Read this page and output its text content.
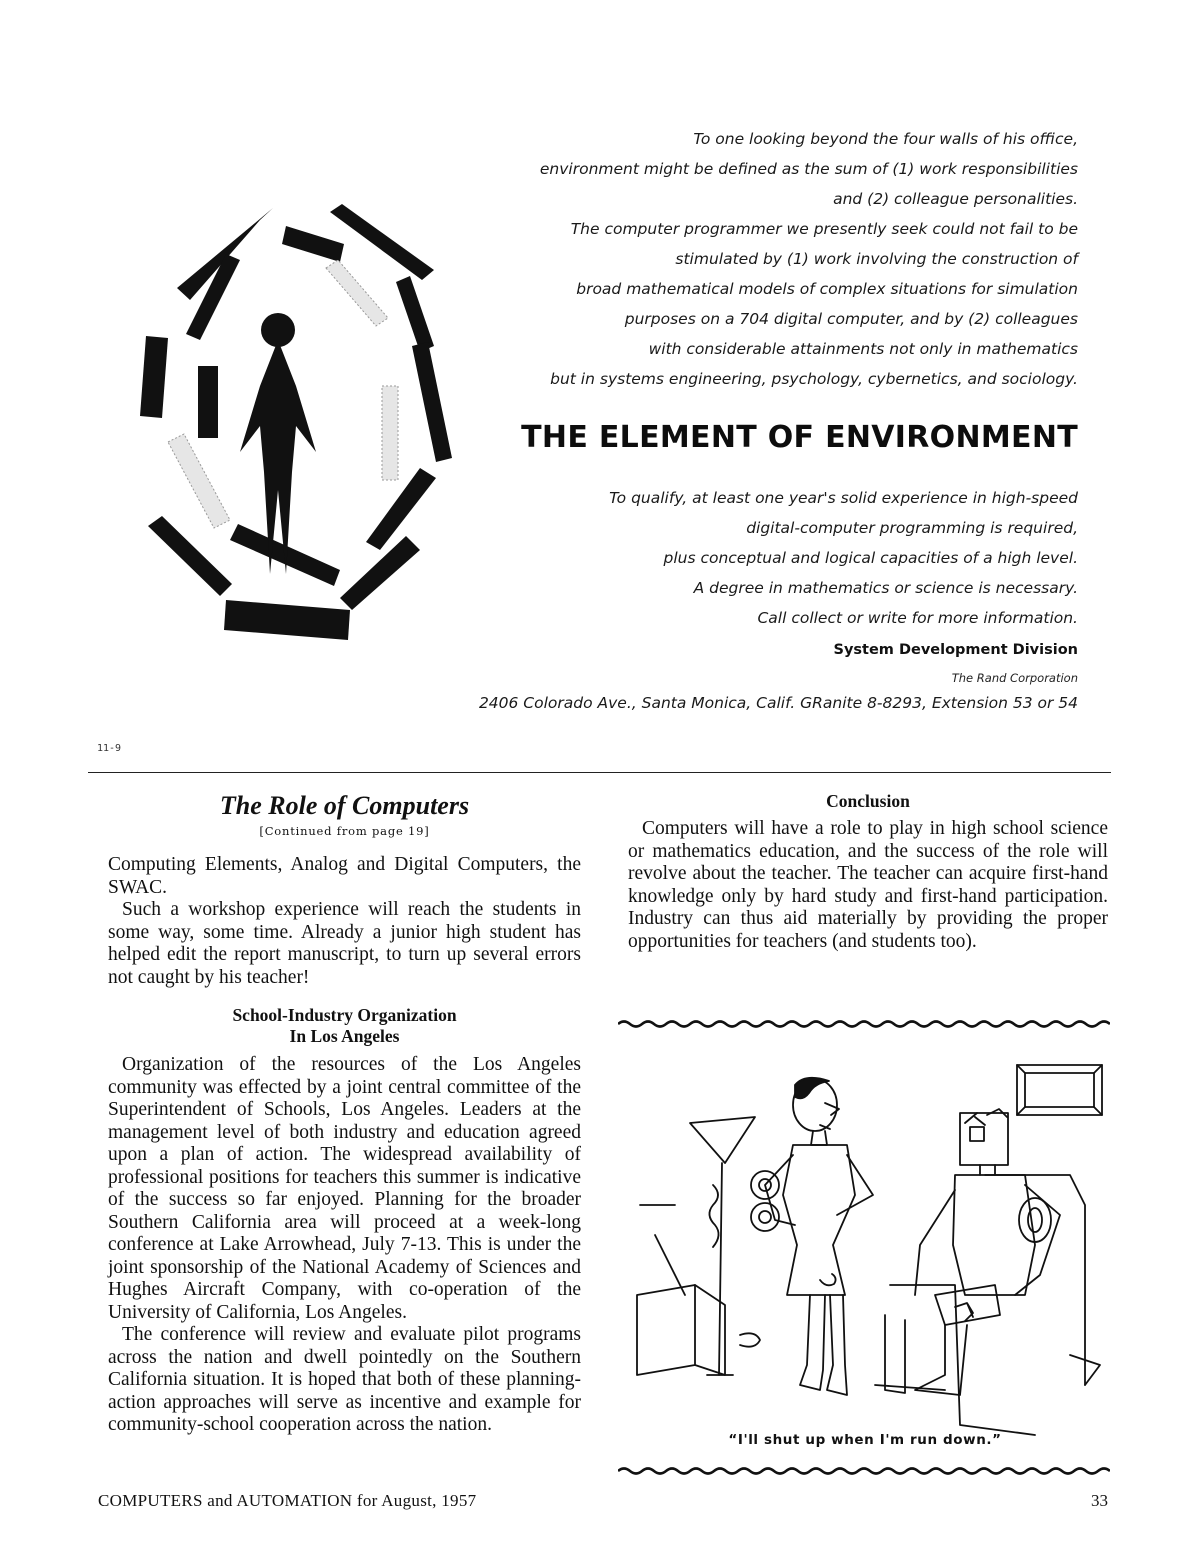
To one looking beyond the four walls of his office,
environment might be defined as the sum of (1) work responsibilities
and (2) colleague personalities.
The computer programmer we presently seek could not fail to be
stimulated by (1) work involving the construction of
broad mathematical models of complex situations for simulation
purposes on a 704 digital computer, and by (2) colleagues
with considerable attainments not only in mathematics
but in systems engineering, psychology, cybernetics, and sociology.
THE ELEMENT OF ENVIRONMENT
To qualify, at least one year's solid experience in high-speed
digital-computer programming is required,
plus conceptual and logical capacities of a high level.
A degree in mathematics or science is necessary.
Call collect or write for more information.
System Development Division
The Rand Corporation
2406 Colorado Ave., Santa Monica, Calif. GRanite 8-8293, Extension 53 or 54
11-9
The Role of Computers
[Continued from page 19]

Computing Elements, Analog and Digital Computers, the SWAC.

Such a workshop experience will reach the students in some way, some time. Already a junior high student has helped edit the report manuscript, to turn up several errors not caught by his teacher!

School-Industry Organization
In Los Angeles

Organization of the resources of the Los Angeles community was effected by a joint central committee of the Superintendent of Schools, Los Angeles. Leaders at the management level of both industry and education agreed upon a plan of action. The widespread availability of professional positions for teachers this summer is indicative of the success so far enjoyed. Planning for the broader Southern California area will proceed at a week-long conference at Lake Arrowhead, July 7-13. This is under the joint sponsorship of the National Academy of Sciences and Hughes Aircraft Company, with co-operation of the University of California, Los Angeles.

The conference will review and evaluate pilot programs across the nation and dwell pointedly on the Southern California situation. It is hoped that both of these planning-action approaches will serve as incentive and example for community-school cooperation across the nation.

Conclusion

Computers will have a role to play in high school science or mathematics education, and the success of the role will revolve about the teacher. The teacher can acquire first-hand knowledge only by hard study and first-hand participation. Industry can thus aid materially by providing the proper opportunities for teachers (and students too).

“I'll shut up when I'm run down.”
COMPUTERS and AUTOMATION for August, 1957	33
